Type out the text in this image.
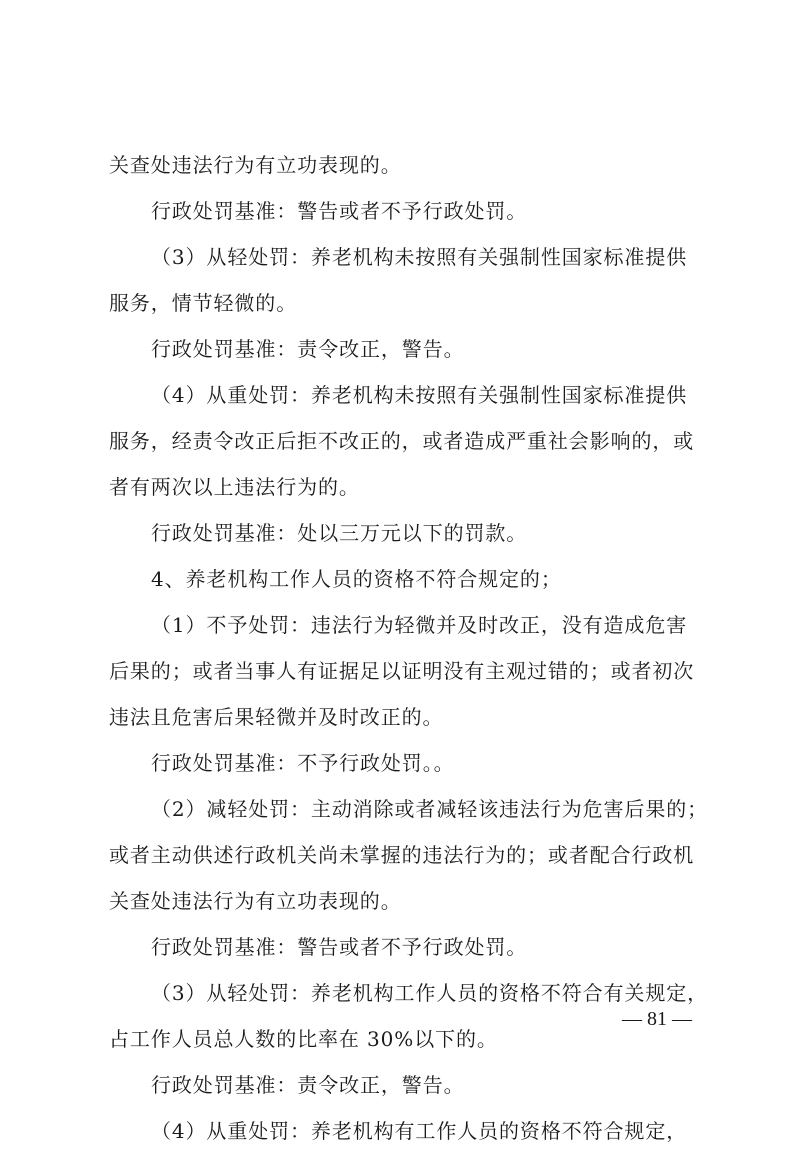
关查处违法行为有立功表现的。
行政处罚基准：警告或者不予行政处罚。
（3）从轻处罚：养老机构未按照有关强制性国家标准提供
服务，情节轻微的。
行政处罚基准：责令改正，警告。
（4）从重处罚：养老机构未按照有关强制性国家标准提供
服务，经责令改正后拒不改正的，或者造成严重社会影响的，或
者有两次以上违法行为的。
行政处罚基准：处以三万元以下的罚款。
4、养老机构工作人员的资格不符合规定的；
（1）不予处罚：违法行为轻微并及时改正，没有造成危害
后果的；或者当事人有证据足以证明没有主观过错的；或者初次
违法且危害后果轻微并及时改正的。
行政处罚基准：不予行政处罚。。
（2）减轻处罚：主动消除或者减轻该违法行为危害后果的；
或者主动供述行政机关尚未掌握的违法行为的；或者配合行政机
关查处违法行为有立功表现的。
行政处罚基准：警告或者不予行政处罚。
（3）从轻处罚：养老机构工作人员的资格不符合有关规定，
占工作人员总人数的比率在 30%以下的。
行政处罚基准：责令改正，警告。
（4）从重处罚：养老机构有工作人员的资格不符合规定，
— 81 —
